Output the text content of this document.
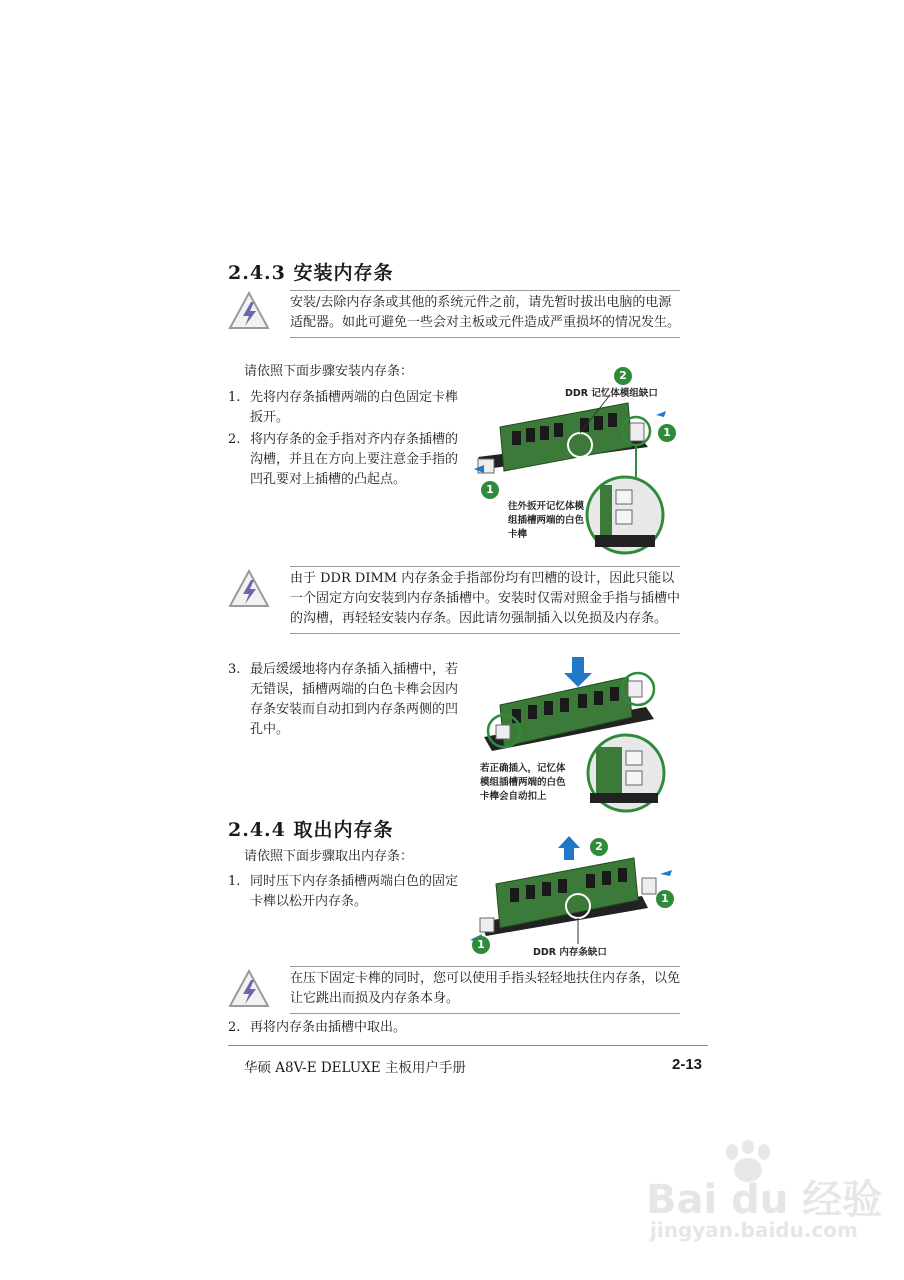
2.4.3 安装内存条
安装/去除内存条或其他的系统元件之前，请先暂时拔出电脑的电源适配器。如此可避免一些会对主板或元件造成严重损坏的情况发生。
请依照下面步骤安装内存条：
1. 先将内存条插槽两端的白色固定卡榫扳开。
2. 将内存条的金手指对齐内存条插槽的沟槽，并且在方向上要注意金手指的凹孔要对上插槽的凸起点。
2
1
1
DDR 记忆体模组缺口
往外扳开记忆体模组插槽两端的白色卡榫
由于 DDR DIMM 内存条金手指部份均有凹槽的设计，因此只能以一个固定方向安装到内存条插槽中。安装时仅需对照金手指与插槽中的沟槽，再轻轻安装内存条。因此请勿强制插入以免损及内存条。
3. 最后缓缓地将内存条插入插槽中，若无错误，插槽两端的白色卡榫会因内存条安装而自动扣到内存条两侧的凹孔中。
若正确插入，记忆体模组插槽两端的白色卡榫会自动扣上
2.4.4 取出内存条
请依照下面步骤取出内存条：
1. 同时压下内存条插槽两端白色的固定卡榫以松开内存条。
2
1
1
DDR 内存条缺口
在压下固定卡榫的同时，您可以使用手指头轻轻地扶住内存条，以免让它跳出而损及内存条本身。
2. 再将内存条由插槽中取出。
华硕 A8V-E DELUXE 主板用户手册	2-13
Bai du 经验
jingyan.baidu.com
